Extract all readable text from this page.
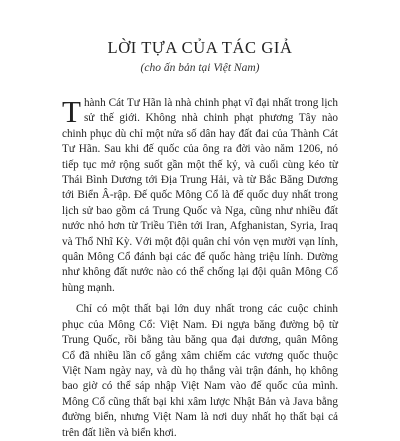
LỜI TỰA CỦA TÁC GIẢ
(cho ấn bản tại Việt Nam)

Thành Cát Tư Hãn là nhà chinh phạt vĩ đại nhất trong lịch sử thế giới. Không nhà chinh phạt phương Tây nào chinh phục dù chỉ một nửa số dân hay đất đai của Thành Cát Tư Hãn. Sau khi đế quốc của ông ra đời vào năm 1206, nó tiếp tục mở rộng suốt gần một thế kỷ, và cuối cùng kéo từ Thái Bình Dương tới Địa Trung Hải, và từ Bắc Băng Dương tới Biển Â-rập. Đế quốc Mông Cổ là đế quốc duy nhất trong lịch sử bao gồm cả Trung Quốc và Nga, cũng như nhiều đất nước nhỏ hơn từ Triều Tiên tới Iran, Afghanistan, Syria, Iraq và Thổ Nhĩ Kỳ. Với một đội quân chỉ vỏn vẹn mười vạn lính, quân Mông Cổ đánh bại các đế quốc hàng triệu lính. Dường như không đất nước nào có thể chống lại đội quân Mông Cổ hùng mạnh.

Chỉ có một thất bại lớn duy nhất trong các cuộc chinh phục của Mông Cổ: Việt Nam. Đi ngựa băng đường bộ từ Trung Quốc, rồi bằng tàu băng qua đại dương, quân Mông Cổ đã nhiều lần cố gắng xâm chiếm các vương quốc thuộc Việt Nam ngày nay, và dù họ thắng vài trận đánh, họ không bao giờ có thể sáp nhập Việt Nam vào đế quốc của mình. Mông Cổ cũng thất bại khi xâm lược Nhật Bản và Java bằng đường biển, nhưng Việt Nam là nơi duy nhất họ thất bại cả trên đất liền và biển khơi.
